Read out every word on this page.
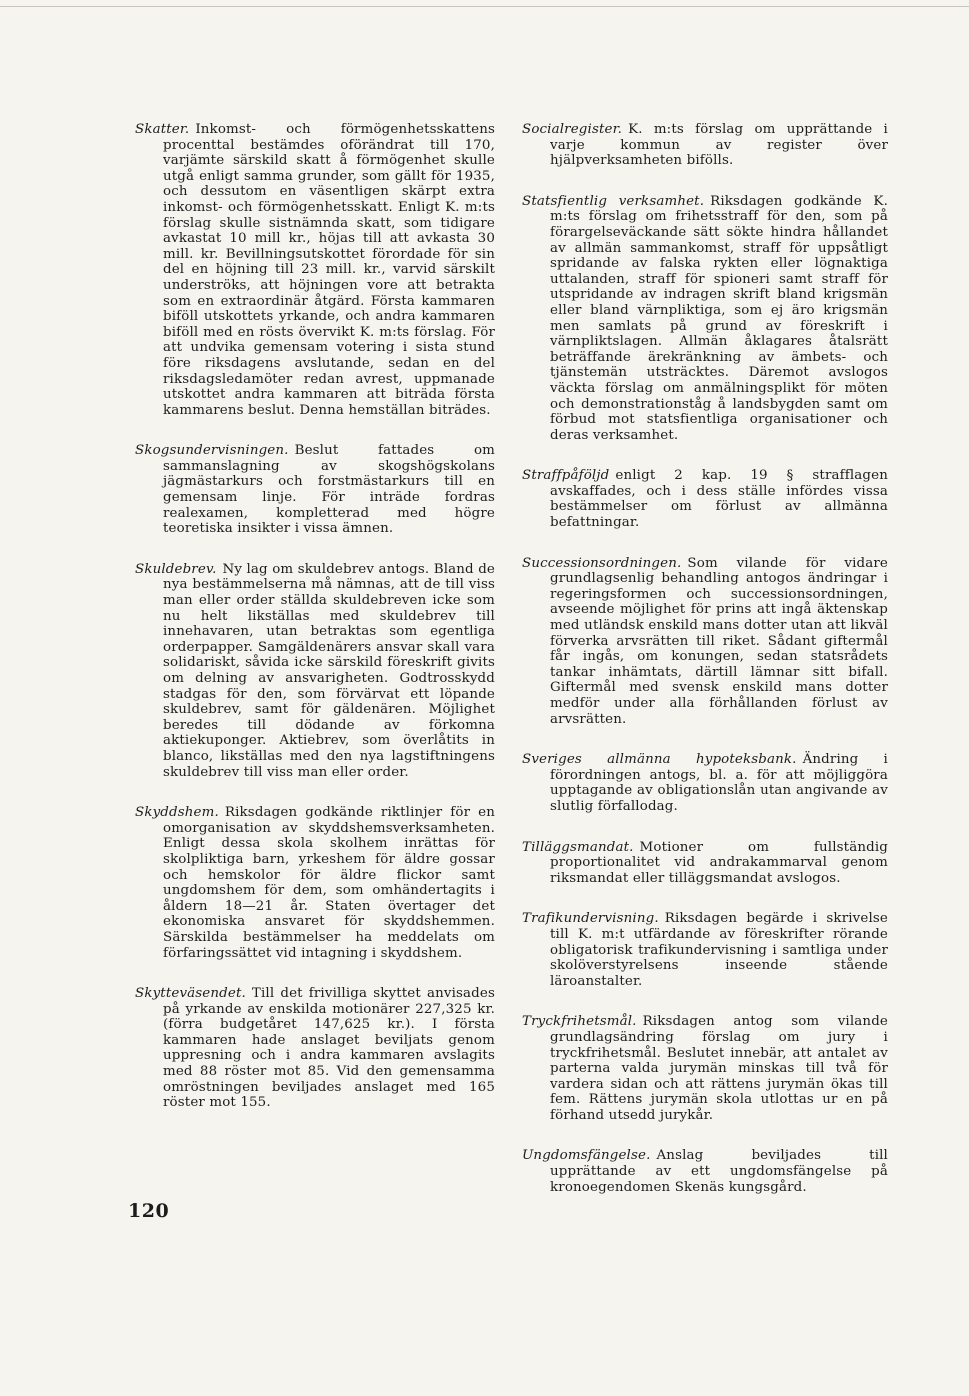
Skatter. Inkomst- och förmögenhetsskattens procenttal bestämdes oförändrat till 170, varjämte särskild skatt å förmögenhet skulle utgå enligt samma grunder, som gällt för 1935, och dessutom en väsentligen skärpt extra inkomst- och förmögenhetsskatt. Enligt K. m:ts förslag skulle sistnämnda skatt, som tidigare avkastat 10 mill kr., höjas till att avkasta 30 mill. kr. Bevillningsutskottet förordade för sin del en höjning till 23 mill. kr., varvid särskilt underströks, att höjningen vore att betrakta som en extraordinär åtgärd. Första kammaren biföll utskottets yrkande, och andra kammaren biföll med en rösts övervikt K. m:ts förslag. För att undvika gemensam votering i sista stund före riksdagens avslutande, sedan en del riksdagsledamöter redan avrest, uppmanade utskottet andra kammaren att biträda första kammarens beslut. Denna hemställan biträdes.

Skogsundervisningen. Beslut fattades om sammanslagning av skogshögskolans jägmästarkurs och forstmästarkurs till en gemensam linje. För inträde fordras realexamen, kompletterad med högre teoretiska insikter i vissa ämnen.

Skuldebrev. Ny lag om skuldebrev antogs. Bland de nya bestämmelserna må nämnas, att de till viss man eller order ställda skuldebreven icke som nu helt likställas med skuldebrev till innehavaren, utan betraktas som egentliga orderpapper. Samgäldenärers ansvar skall vara solidariskt, såvida icke särskild föreskrift givits om delning av ansvarigheten. Godtrosskydd stadgas för den, som förvärvat ett löpande skuldebrev, samt för gäldenären. Möjlighet beredes till dödande av förkomna aktiekuponger. Aktiebrev, som överlåtits in blanco, likställas med den nya lagstiftningens skuldebrev till viss man eller order.

Skyddshem. Riksdagen godkände riktlinjer för en omorganisation av skyddshemsverksamheten. Enligt dessa skola skolhem inrättas för skolpliktiga barn, yrkeshem för äldre gossar och hemskolor för äldre flickor samt ungdomshem för dem, som omhändertagits i åldern 18—21 år. Staten övertager det ekonomiska ansvaret för skyddshemmen. Särskilda bestämmelser ha meddelats om förfaringssättet vid intagning i skyddshem.

Skyttеväsendet. Till det frivilliga skyttet anvisades på yrkande av enskilda motionärer 227,325 kr. (förra budgetåret 147,625 kr.). I första kammaren hade anslaget beviljats genom uppresning och i andra kammaren avslagits med 88 röster mot 85. Vid den gemensamma omröstningen beviljades anslaget med 165 röster mot 155.

Socialregister. K. m:ts förslag om upprättande i varje kommun av register över hjälpverksamheten bifölls.

Statsfientlig verksamhet. Riksdagen godkände K. m:ts förslag om frihetsstraff för den, som på förargelseväckande sätt sökte hindra hållandet av allmän sammankomst, straff för uppsåtligt spridande av falska rykten eller lögnaktiga uttalanden, straff för spioneri samt straff för utspridande av indragen skrift bland krigsmän eller bland värnpliktiga, som ej äro krigsmän men samlats på grund av föreskrift i värnpliktslagen. Allmän åklagares åtalsrätt beträffande ärekränkning av ämbets- och tjänstemän utsträcktes. Däremot avslogos väckta förslag om anmälningsplikt för möten och demonstrationståg å landsbygden samt om förbud mot statsfientliga organisationer och deras verksamhet.

Straffpåföljd enligt 2 kap. 19 § strafflagen avskaffades, och i dess ställe infördes vissa bestämmelser om förlust av allmänna befattningar.

Successionsordningen. Som vilande för vidare grundlagsenlig behandling antogos ändringar i regeringsformen och successionsordningen, avseende möjlighet för prins att ingå äktenskap med utländsk enskild mans dotter utan att likväl förverka arvsrätten till riket. Sådant giftermål får ingås, om konungen, sedan statsrådets tankar inhämtats, därtill lämnar sitt bifall. Giftermål med svensk enskild mans dotter medför under alla förhållanden förlust av arvsrätten.

Sveriges allmänna hypoteksbank. Ändring i förordningen antogs, bl. a. för att möjliggöra upptagande av obligationslån utan angivande av slutlig förfallodag.

Tilläggsmandat. Motioner om fullständig proportionalitet vid andrakammarval genom riksmandat eller tilläggsmandat avslogos.

Trafikundervisning. Riksdagen begärde i skrivelse till K. m:t utfärdande av föreskrifter rörande obligatorisk trafikundervisning i samtliga under skolöverstyrelsens inseende stående läroanstalter.

Tryckfrihetsmål. Riksdagen antog som vilande grundlagsändring förslag om jury i tryckfrihetsmål. Beslutet innebär, att antalet av parterna valda jurymän minskas till två för vardera sidan och att rättens jurymän ökas till fem. Rättens jurymän skola utlottas ur en på förhand utsedd jurykår.

Ungdomsfängelse. Anslag beviljades till upprättande av ett ungdomsfängelse på kronoegendomen Skenäs kungsgård.

120
